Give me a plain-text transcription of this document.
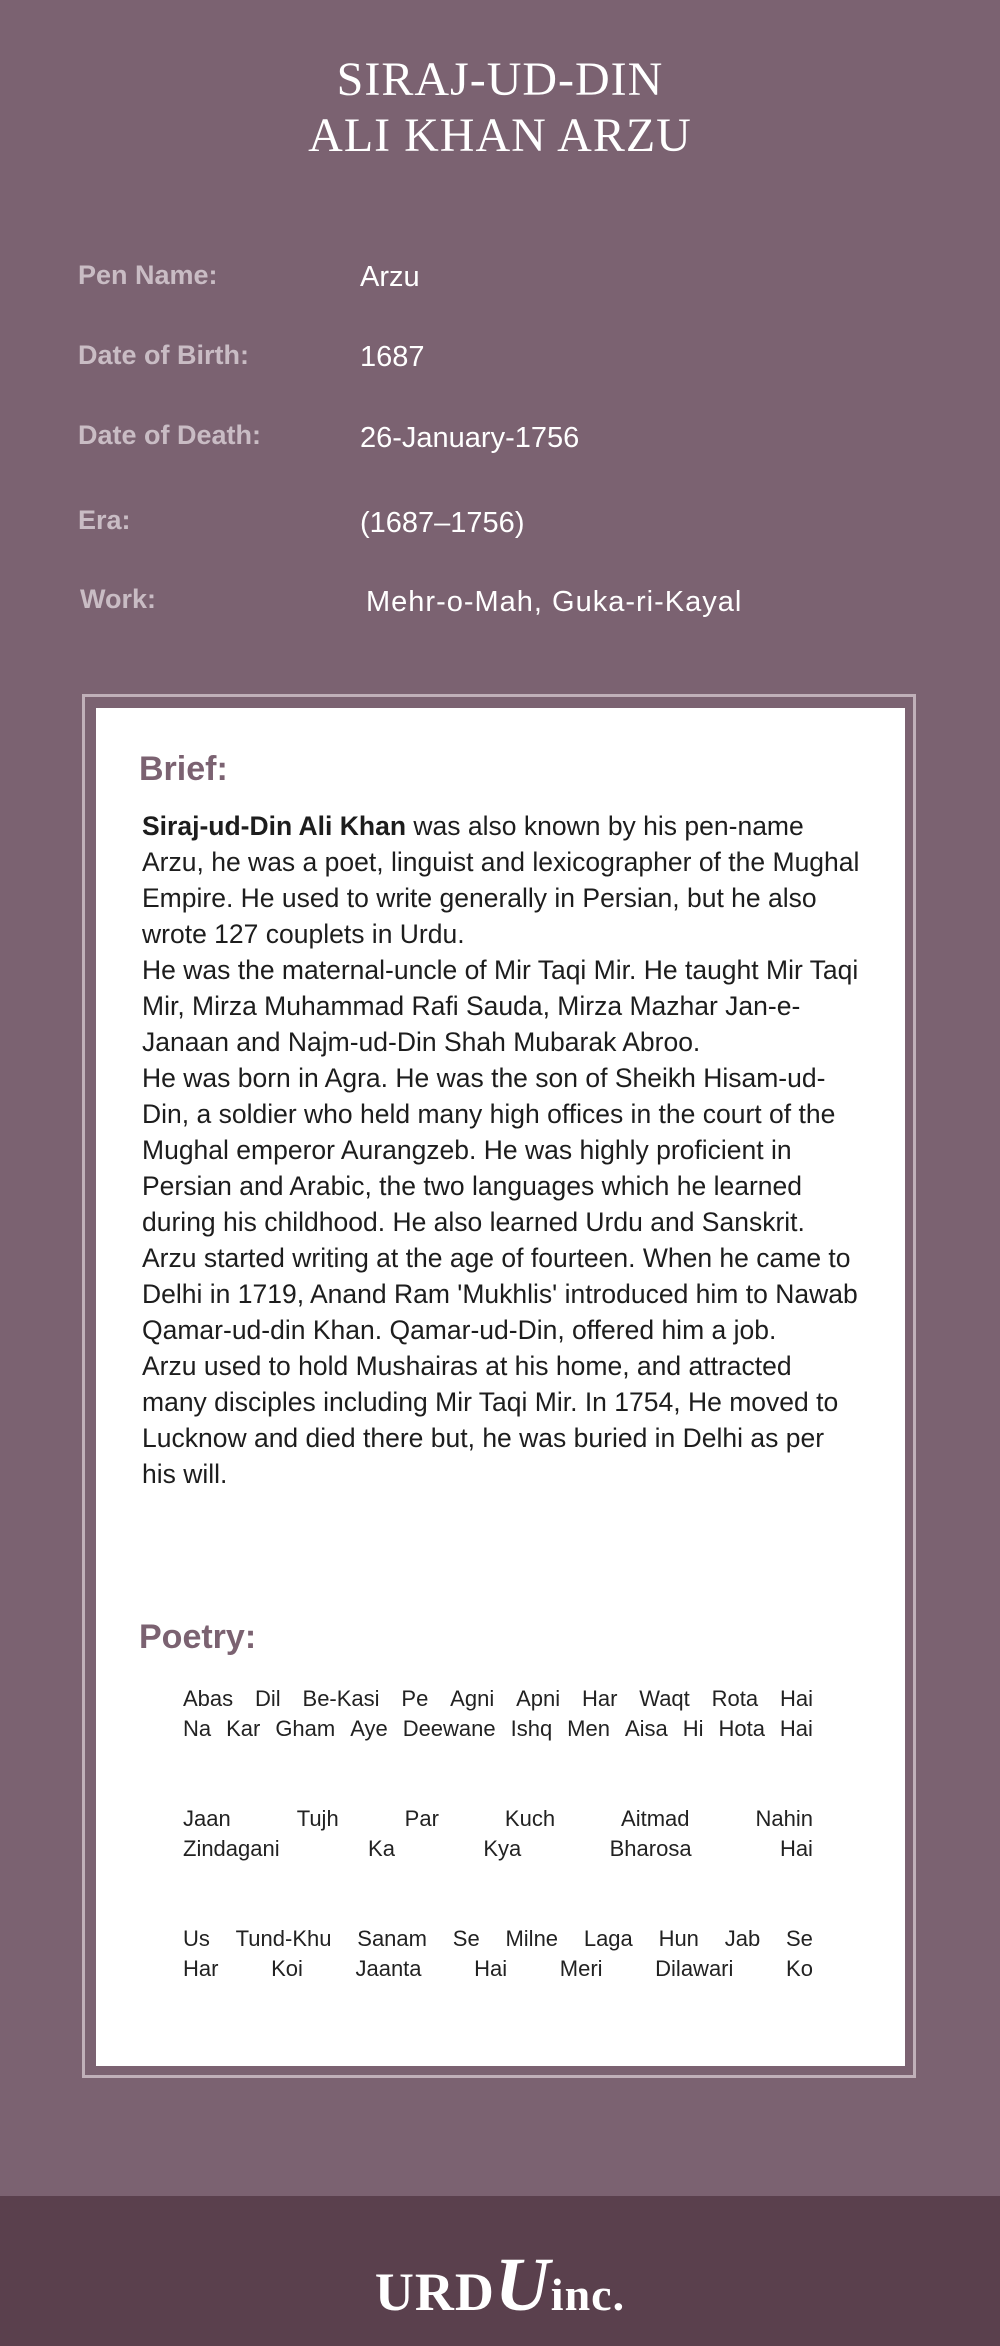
SIRAJ-UD-DIN
ALI KHAN ARZU
Pen Name:	Arzu
Date of Birth:	1687
Date of Death:	26-January-1756
Era:	(1687–1756)
Work:	Mehr-o-Mah, Guka-ri-Kayal
Brief:

Siraj-ud-Din Ali Khan was also known by his pen-name Arzu, he was a poet, linguist and lexicographer of the Mughal Empire. He used to write generally in Persian, but he also wrote 127 couplets in Urdu.

He was the maternal-uncle of Mir Taqi Mir. He taught Mir Taqi Mir, Mirza Muhammad Rafi Sauda, Mirza Mazhar Jan-e-Janaan and Najm-ud-Din Shah Mubarak Abroo.

He was born in Agra. He was the son of Sheikh Hisam-ud-Din, a soldier who held many high offices in the court of the Mughal emperor Aurangzeb. He was highly proficient in Persian and Arabic, the two languages which he learned during his childhood. He also learned Urdu and Sanskrit.

Arzu started writing at the age of fourteen. When he came to Delhi in 1719, Anand Ram 'Mukhlis' introduced him to Nawab Qamar-ud-din Khan. Qamar-ud-Din, offered him a job.

Arzu used to hold Mushairas at his home, and attracted many disciples including Mir Taqi Mir. In 1754, He moved to Lucknow and died there but, he was buried in Delhi as per his will.

Poetry:
Abas Dil Be-Kasi Pe Agni Apni Har Waqt Rota Hai
Na Kar Gham Aye Deewane Ishq Men Aisa Hi Hota Hai
Jaan	Tujh	Par	Kuch	Aitmad	Nahin
Zindagani	Ka	Kya	Bharosa	Hai
Us Tund-Khu Sanam Se Milne Laga Hun Jab Se
Har Koi Jaanta Hai Meri Dilawari Ko
URDUinc.
